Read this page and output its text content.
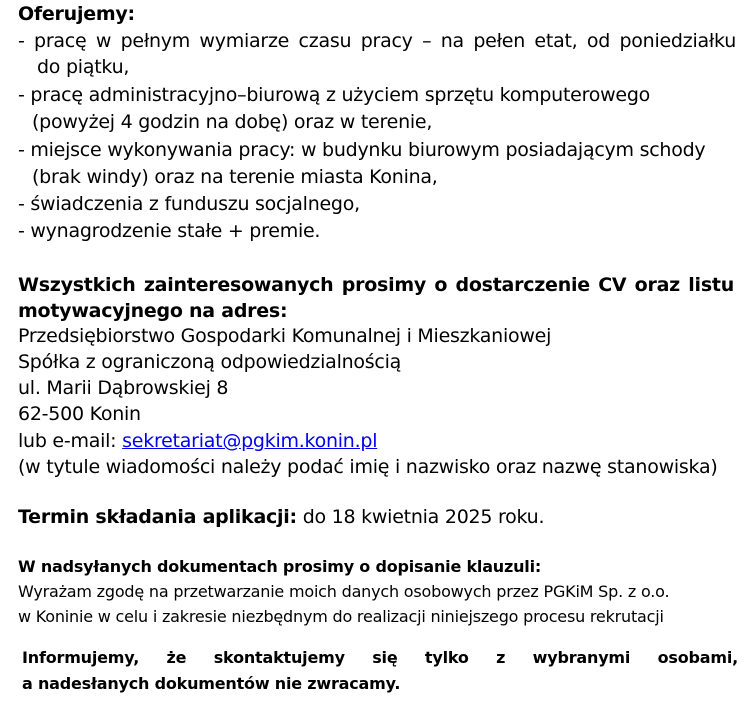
Oferujemy:
- pracę w pełnym wymiarze czasu pracy – na pełen etat, od poniedziałku
do piątku,
- pracę administracyjno–biurową z użyciem sprzętu komputerowego
(powyżej 4 godzin na dobę) oraz w terenie,
- miejsce wykonywania pracy: w budynku biurowym posiadającym schody
(brak windy) oraz na terenie miasta Konina,
- świadczenia z funduszu socjalnego,
- wynagrodzenie stałe + premie.
Wszystkich zainteresowanych prosimy o dostarczenie CV oraz listu
motywacyjnego na adres:
Przedsiębiorstwo Gospodarki Komunalnej i Mieszkaniowej
Spółka z ograniczoną odpowiedzialnością
ul. Marii Dąbrowskiej 8
62-500 Konin
lub e-mail: sekretariat@pgkim.konin.pl
(w tytule wiadomości należy podać imię i nazwisko oraz nazwę stanowiska)
Termin składania aplikacji: do 18 kwietnia 2025 roku.
W nadsyłanych dokumentach prosimy o dopisanie klauzuli:
Wyrażam zgodę na przetwarzanie moich danych osobowych przez PGKiM Sp. z o.o.
w Koninie w celu i zakresie niezbędnym do realizacji niniejszego procesu rekrutacji
Informujemy, że skontaktujemy się tylko z wybranymi osobami,
a nadesłanych dokumentów nie zwracamy.
